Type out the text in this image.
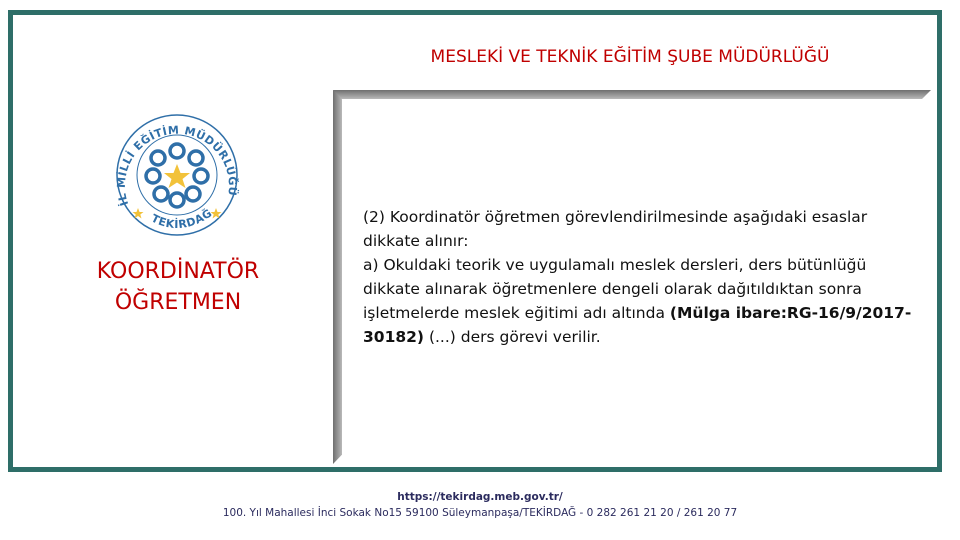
MESLEKİ VE TEKNİK EĞİTİM ŞUBE MÜDÜRLÜĞÜ
İL MİLLİ EĞİTİM MÜDÜRLÜĞÜ
TEKİRDAĞ
KOORDİNATÖR
ÖĞRETMEN
(2) Koordinatör öğretmen görevlendirilmesinde aşağıdaki esaslar dikkate alınır:
a) Okuldaki teorik ve uygulamalı meslek dersleri, ders bütünlüğü dikkate alınarak öğretmenlere dengeli olarak dağıtıldıktan sonra işletmelerde meslek eğitimi adı altında (Mülga ibare:RG-16/9/2017-30182) (...) ders görevi verilir.
https://tekirdag.meb.gov.tr/
100. Yıl Mahallesi İnci Sokak No15 59100 Süleymanpaşa/TEKİRDAĞ - 0 282 261 21 20 / 261 20 77
